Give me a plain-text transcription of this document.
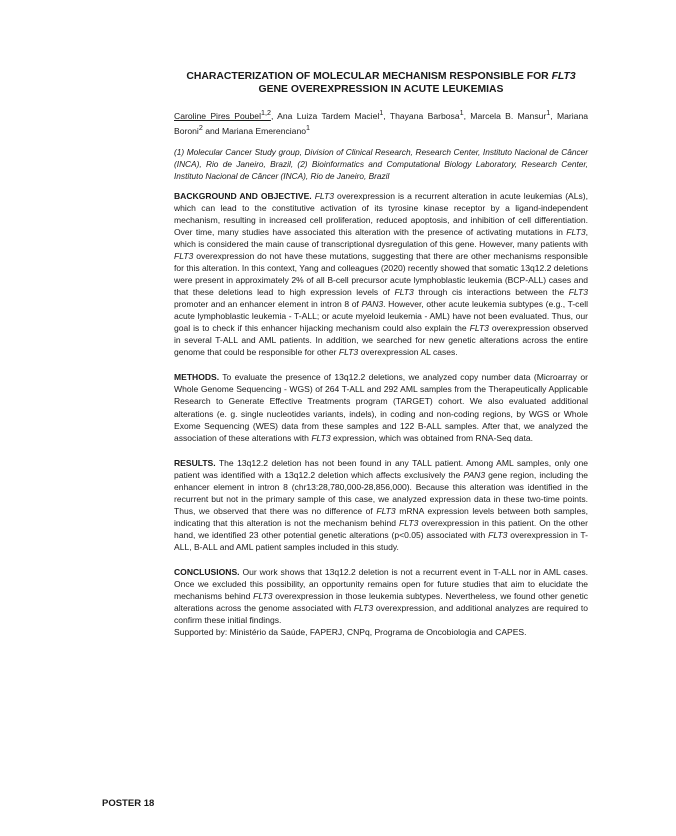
CHARACTERIZATION OF MOLECULAR MECHANISM RESPONSIBLE FOR FLT3 GENE OVEREXPRESSION IN ACUTE LEUKEMIAS

Caroline Pires Poubel$^{1,2}$, Ana Luiza Tardem Maciel$^1$, Thayana Barbosa$^1$, Marcela B. Mansur$^1$, Mariana Boroni$^2$ and Mariana Emerenciano$^1$

(1) Molecular Cancer Study group, Division of Clinical Research, Research Center, Instituto Nacional de Câncer (INCA), Rio de Janeiro, Brazil, (2) Bioinformatics and Computational Biology Laboratory, Research Center, Instituto Nacional de Câncer (INCA), Rio de Janeiro, Brazil

BACKGROUND AND OBJECTIVE. FLT3 overexpression is a recurrent alteration in acute leukemias (ALs), which can lead to the constitutive activation of its tyrosine kinase receptor by a ligand-independent mechanism, resulting in increased cell proliferation, reduced apoptosis, and inhibition of cell differentiation. Over time, many studies have associated this alteration with the presence of activating mutations in FLT3, which is considered the main cause of transcriptional dysregulation of this gene. However, many patients with FLT3 overexpression do not have these mutations, suggesting that there are other mechanisms responsible for this alteration. In this context, Yang and colleagues (2020) recently showed that somatic 13q12.2 deletions were present in approximately 2% of all B-cell precursor acute lymphoblastic leukemia (BCP-ALL) cases and that these deletions lead to high expression levels of FLT3 through cis interactions between the FLT3 promoter and an enhancer element in intron 8 of PAN3. However, other acute leukemia subtypes (e.g., T-cell acute lymphoblastic leukemia - T-ALL; or acute myeloid leukemia - AML) have not been evaluated. Thus, our goal is to check if this enhancer hijacking mechanism could also explain the FLT3 overexpression observed in several T-ALL and AML patients. In addition, we searched for new genetic alterations across the entire genome that could be responsible for other FLT3 overexpression AL cases.

METHODS. To evaluate the presence of 13q12.2 deletions, we analyzed copy number data (Microarray or Whole Genome Sequencing - WGS) of 264 T-ALL and 292 AML samples from the Therapeutically Applicable Research to Generate Effective Treatments program (TARGET) cohort. We also evaluated additional alterations (e. g. single nucleotides variants, indels), in coding and non-coding regions, by WGS or Whole Exome Sequencing (WES) data from these samples and 122 B-ALL samples. After that, we analyzed the association of these alterations with FLT3 expression, which was obtained from RNA-Seq data.

RESULTS. The 13q12.2 deletion has not been found in any TALL patient. Among AML samples, only one patient was identified with a 13q12.2 deletion which affects exclusively the PAN3 gene region, including the enhancer element in intron 8 (chr13:28,780,000-28,856,000). Because this alteration was identified in the recurrent but not in the primary sample of this case, we analyzed expression data in these two-time points. Thus, we observed that there was no difference of FLT3 mRNA expression levels between both samples, indicating that this alteration is not the mechanism behind FLT3 overexpression in this patient. On the other hand, we identified 23 other potential genetic alterations (p<0.05) associated with FLT3 overexpression in T-ALL, B-ALL and AML patient samples included in this study.

CONCLUSIONS. Our work shows that 13q12.2 deletion is not a recurrent event in T-ALL nor in AML cases. Once we excluded this possibility, an opportunity remains open for future studies that aim to elucidate the mechanisms behind FLT3 overexpression in those leukemia subtypes. Nevertheless, we found other genetic alterations across the genome associated with FLT3 overexpression, and additional analyzes are required to confirm these initial findings.

Supported by: Ministério da Saúde, FAPERJ, CNPq, Programa de Oncobiologia and CAPES.

POSTER 18
